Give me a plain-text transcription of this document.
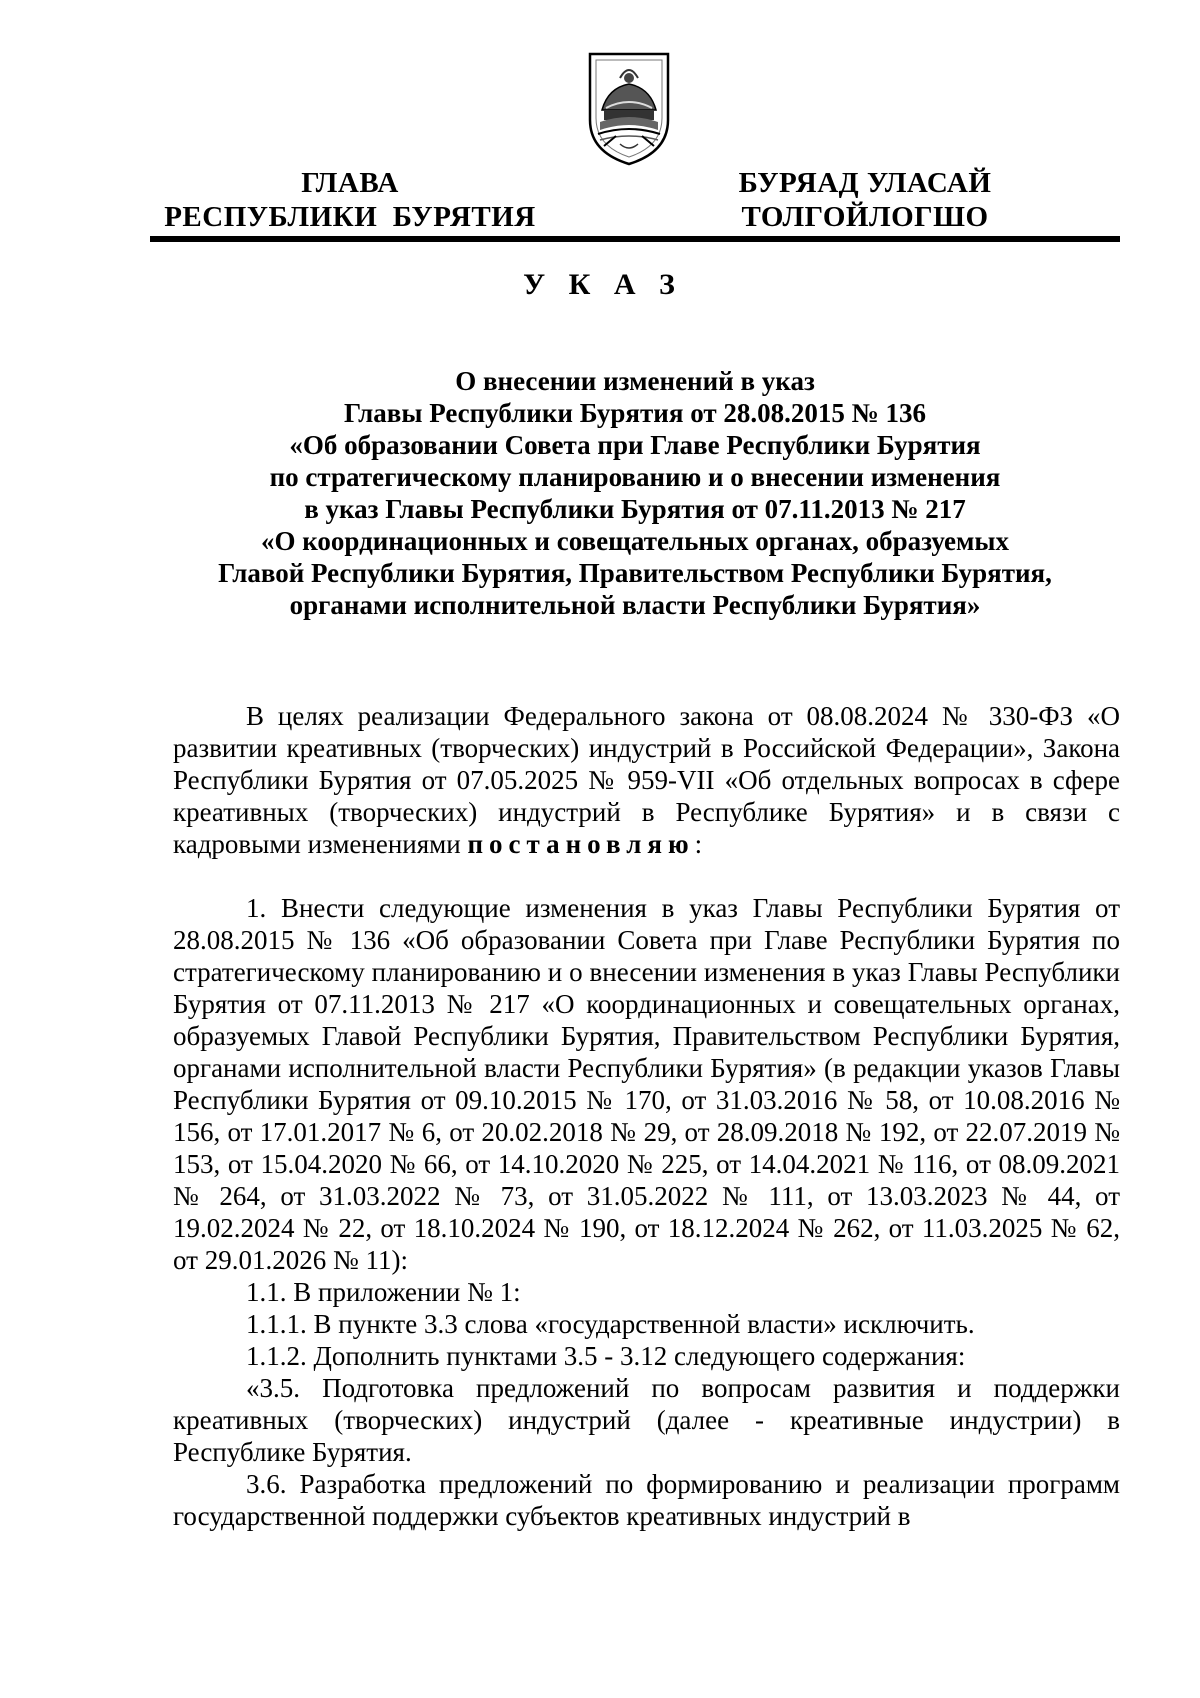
ГЛАВА
РЕСПУБЛИКИ  БУРЯТИЯ
БУРЯАД УЛАСАЙ
ТОЛГОЙЛОГШО
У К А З
О внесении изменений в указ
Главы Республики Бурятия от 28.08.2015 № 136
«Об образовании Совета при Главе Республики Бурятия
по стратегическому планированию и о внесении изменения
в указ Главы Республики Бурятия от 07.11.2013 № 217
«О координационных и совещательных органах, образуемых
Главой Республики Бурятия, Правительством Республики Бурятия,
органами исполнительной власти Республики Бурятия»

В целях реализации Федерального закона от 08.08.2024 № 330-ФЗ «О развитии креативных (творческих) индустрий в Российской Федерации», Закона Республики Бурятия от 07.05.2025 № 959-VII «Об отдельных вопросах в сфере креативных (творческих) индустрий в Республике Бурятия» и в связи с кадровыми изменениями постановляю:

1. Внести следующие изменения в указ Главы Республики Бурятия от 28.08.2015 № 136 «Об образовании Совета при Главе Республики Бурятия по стратегическому планированию и о внесении изменения в указ Главы Республики Бурятия от 07.11.2013 № 217 «О координационных и совещательных органах, образуемых Главой Республики Бурятия, Правительством Республики Бурятия, органами исполнительной власти Республики Бурятия» (в редакции указов Главы Республики Бурятия от 09.10.2015 № 170, от 31.03.2016 № 58, от 10.08.2016 № 156, от 17.01.2017 № 6, от 20.02.2018 № 29, от 28.09.2018 № 192, от 22.07.2019 № 153, от 15.04.2020 № 66, от 14.10.2020 № 225, от 14.04.2021 № 116, от 08.09.2021 № 264, от 31.03.2022 № 73, от 31.05.2022 № 111, от 13.03.2023 № 44, от 19.02.2024 № 22, от 18.10.2024 № 190, от 18.12.2024 № 262, от 11.03.2025 № 62, от 29.01.2026 № 11):

1.1. В приложении № 1:

1.1.1. В пункте 3.3 слова «государственной власти» исключить.

1.1.2. Дополнить пунктами 3.5 - 3.12 следующего содержания:

«3.5. Подготовка предложений по вопросам развития и поддержки креативных (творческих) индустрий (далее - креативные индустрии) в Республике Бурятия.

3.6. Разработка предложений по формированию и реализации программ государственной поддержки субъектов креативных индустрий в
